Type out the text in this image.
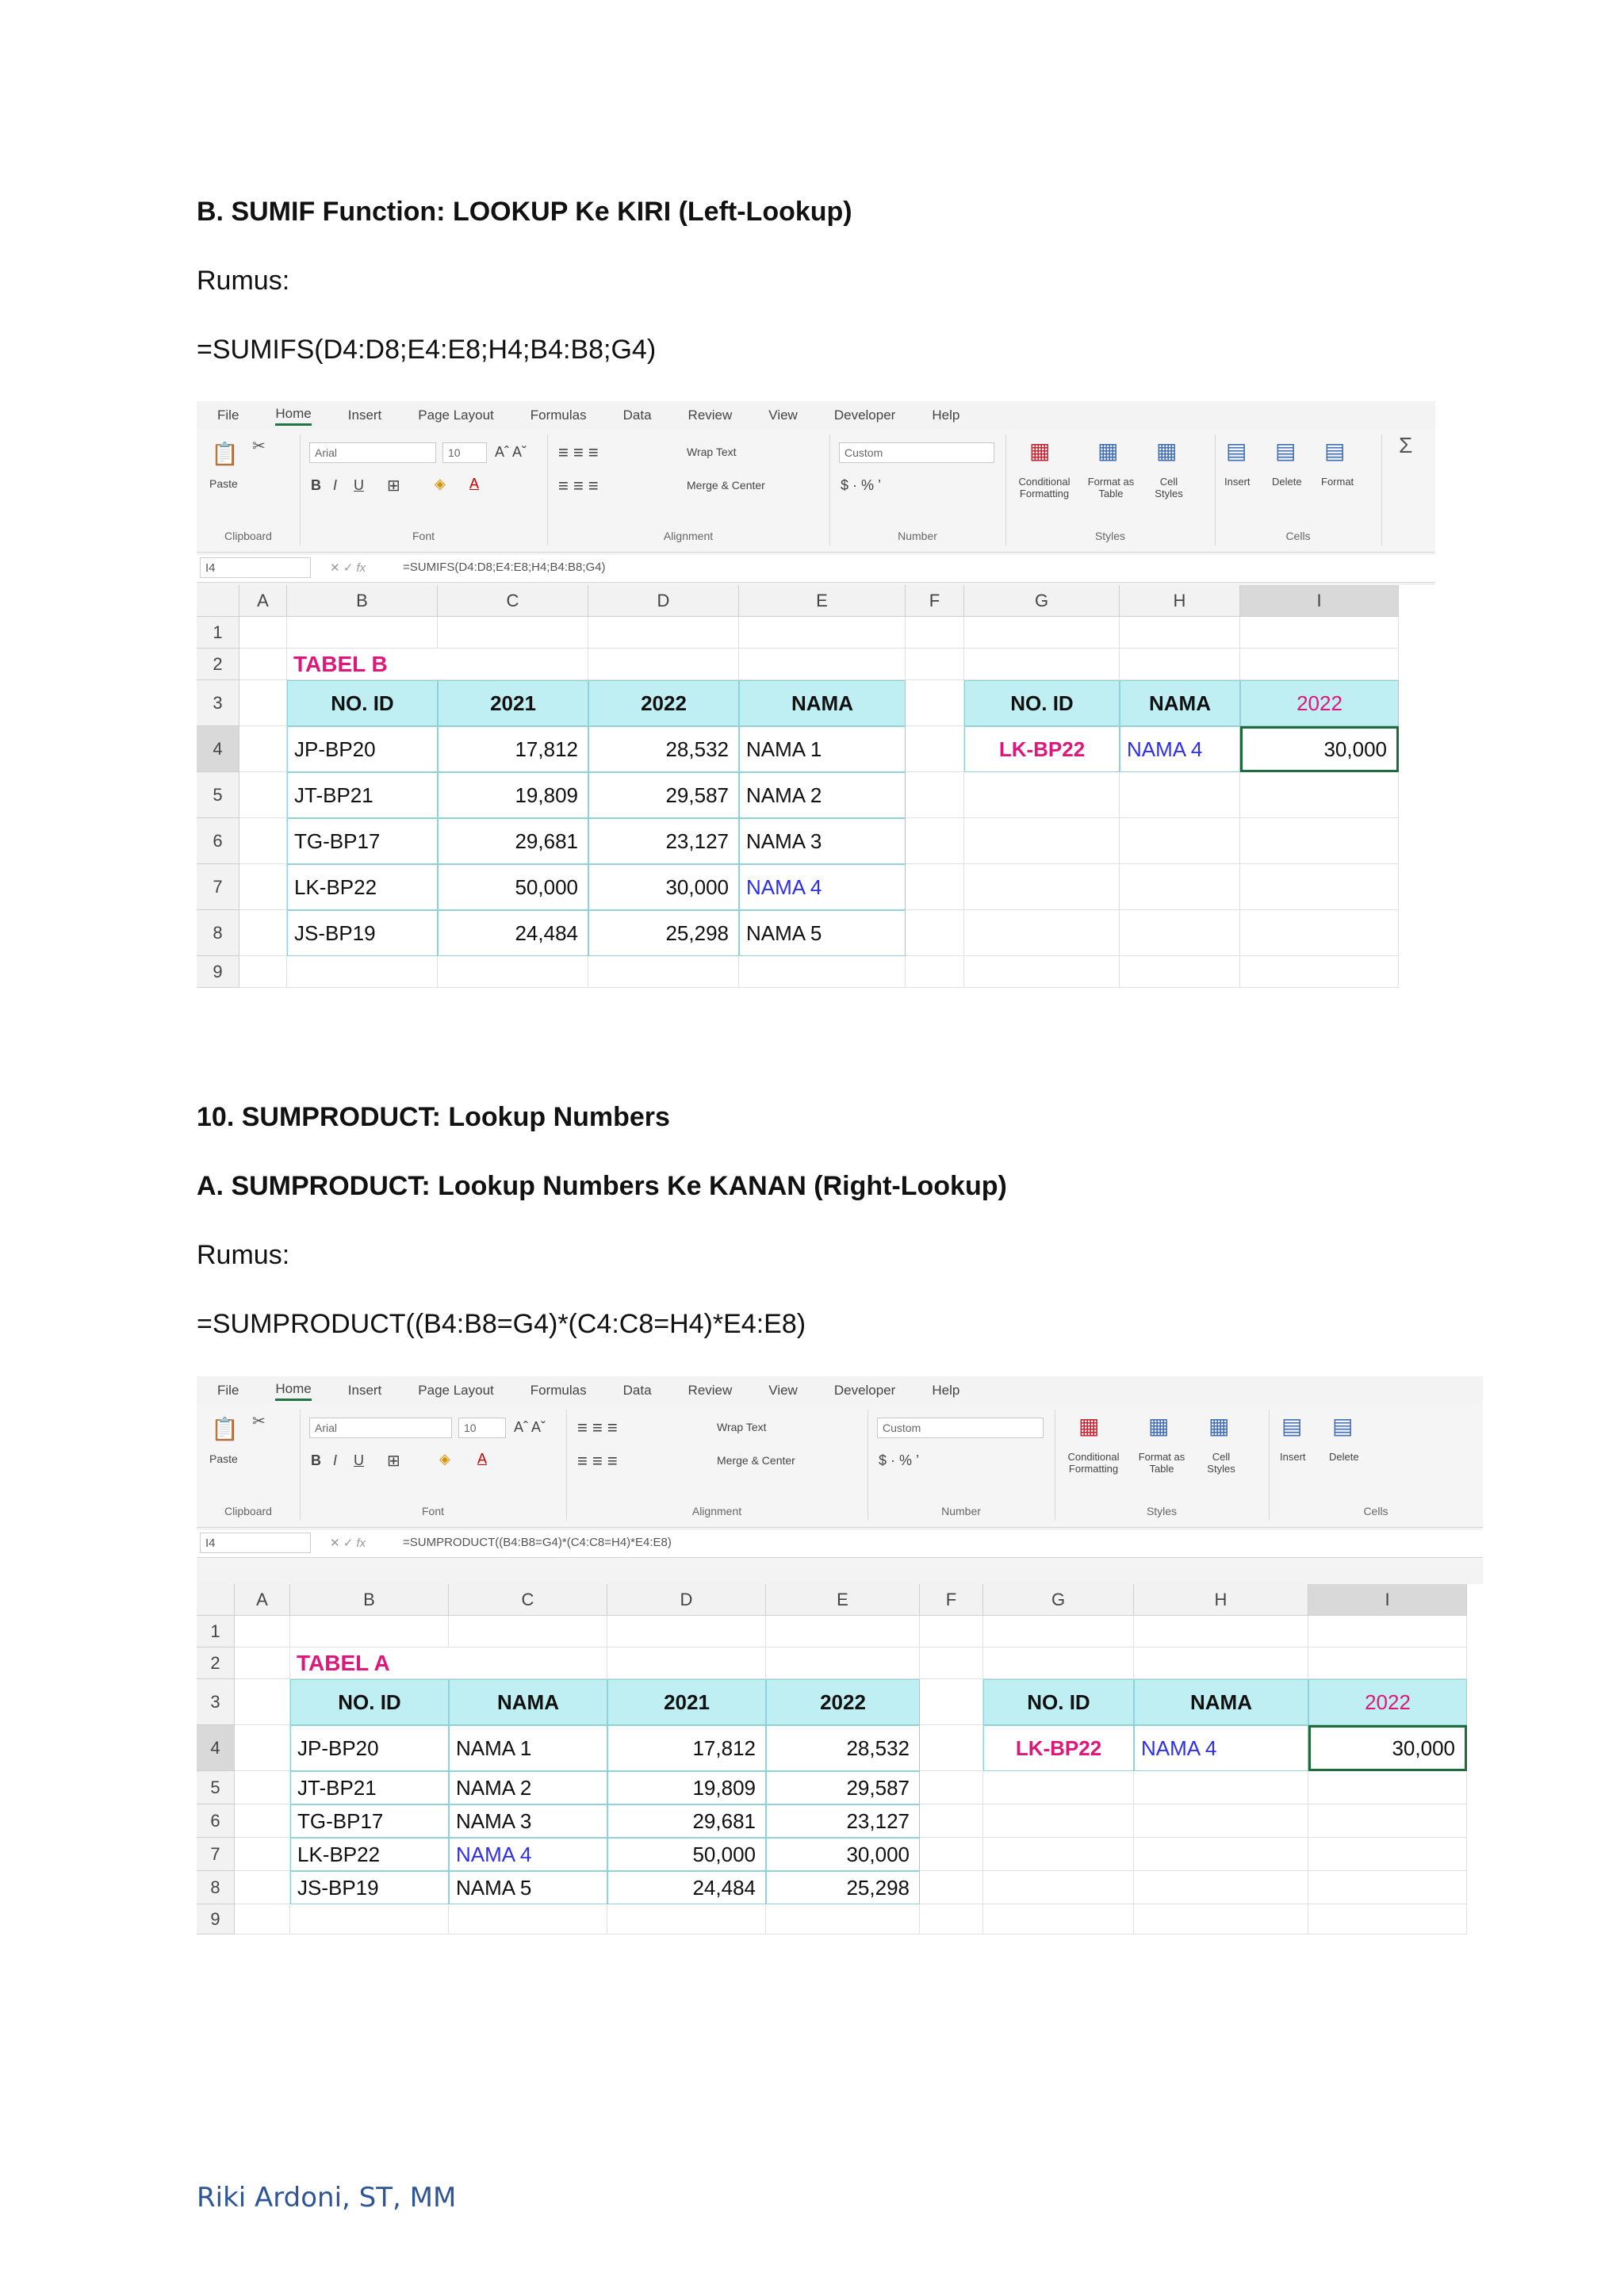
B. SUMIF Function: LOOKUP Ke KIRI (Left-Lookup)
Rumus:
=SUMIFS(D4:D8;E4:E8;H4;B4:B8;G4)
File	Home	Insert	Page Layout	Formulas	Data	Review	View	Developer	Help
📋
Paste
✂
Clipboard
Arial	10	Aˆ Aˇ
B I U ⊞ ◈ A
Font
≡ ≡ ≡
≡ ≡ ≡
Wrap Text
Merge & Center
Alignment
Custom
$ · % ’
Number
▦
Conditional Formatting
▦
Format as Table
▦
Cell Styles
Styles
▤
Insert
▤
Delete
▤
Format
Cells
Σ
I4	✕ ✓ fx	=SUMIFS(D4:D8;E4:E8;H4;B4:B8;G4)
A	B	C	D	E	F	G	H	I
1
2
3
4
5
6
7
8
9
TABEL B
NO. ID	2021	2022	NAMA
JP-BP20	17,812	28,532 NAMA 1
JT-BP21	19,809	29,587 NAMA 2
TG-BP17	29,681	23,127 NAMA 3
LK-BP22	50,000	30,000 NAMA 4
JS-BP19	24,484	25,298 NAMA 5
NO. ID	NAMA	2022
LK-BP22	NAMA 4	30,000
10. SUMPRODUCT: Lookup Numbers
A. SUMPRODUCT: Lookup Numbers Ke KANAN (Right-Lookup)
Rumus:
=SUMPRODUCT((B4:B8=G4)*(C4:C8=H4)*E4:E8)
File	Home	Insert	Page Layout	Formulas	Data	Review	View	Developer	Help
📋
Paste
✂
Clipboard
Arial	10	Aˆ Aˇ
B I U ⊞	◈ A
Font
≡ ≡ ≡
≡ ≡ ≡
Wrap Text
Merge & Center
Alignment
Custom
$ · % ’
Number
▦
Conditional Formatting
▦
Format as Table
▦
Cell Styles
Styles
▤
Insert
▤
Delete
Cells
I4	✕ ✓ fx	=SUMPRODUCT((B4:B8=G4)*(C4:C8=H4)*E4:E8)
A	B	C	D	E	F	G	H	I
1
2
3
4
5
6
7
8
9
TABEL A
NO. ID	NAMA	2021	2022
JP-BP20	NAMA 1	17,812	28,532
JT-BP21	NAMA 2	19,809	29,587
TG-BP17	NAMA 3	29,681	23,127
LK-BP22	NAMA 4	50,000	30,000
JS-BP19	NAMA 5	24,484	25,298
NO. ID	NAMA	2022
LK-BP22	NAMA 4	30,000
Riki Ardoni, ST, MM
